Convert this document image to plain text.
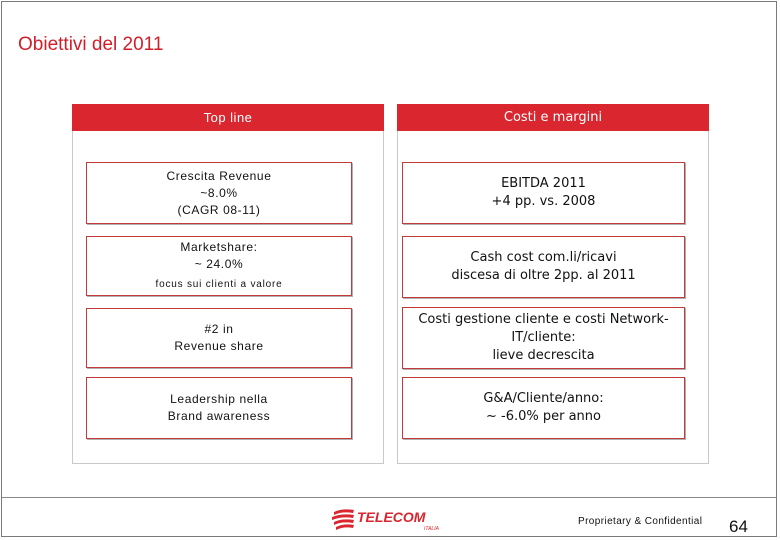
Obiettivi del 2011
Top line
Crescita Revenue
~8.0%
(CAGR 08-11)
Marketshare:
~ 24.0%
focus sui clienti a valore
#2 in
Revenue share
Leadership nella
Brand awareness
Costi e margini
EBITDA 2011
+4 pp. vs. 2008
Cash cost com.li/ricavi
discesa di oltre 2pp. al 2011
Costi gestione cliente e costi Network-
IT/cliente:
lieve decrescita
G&A/Cliente/anno:
~ -6.0% per anno
TELECOM
ITALIA
Proprietary & Confidential 64
